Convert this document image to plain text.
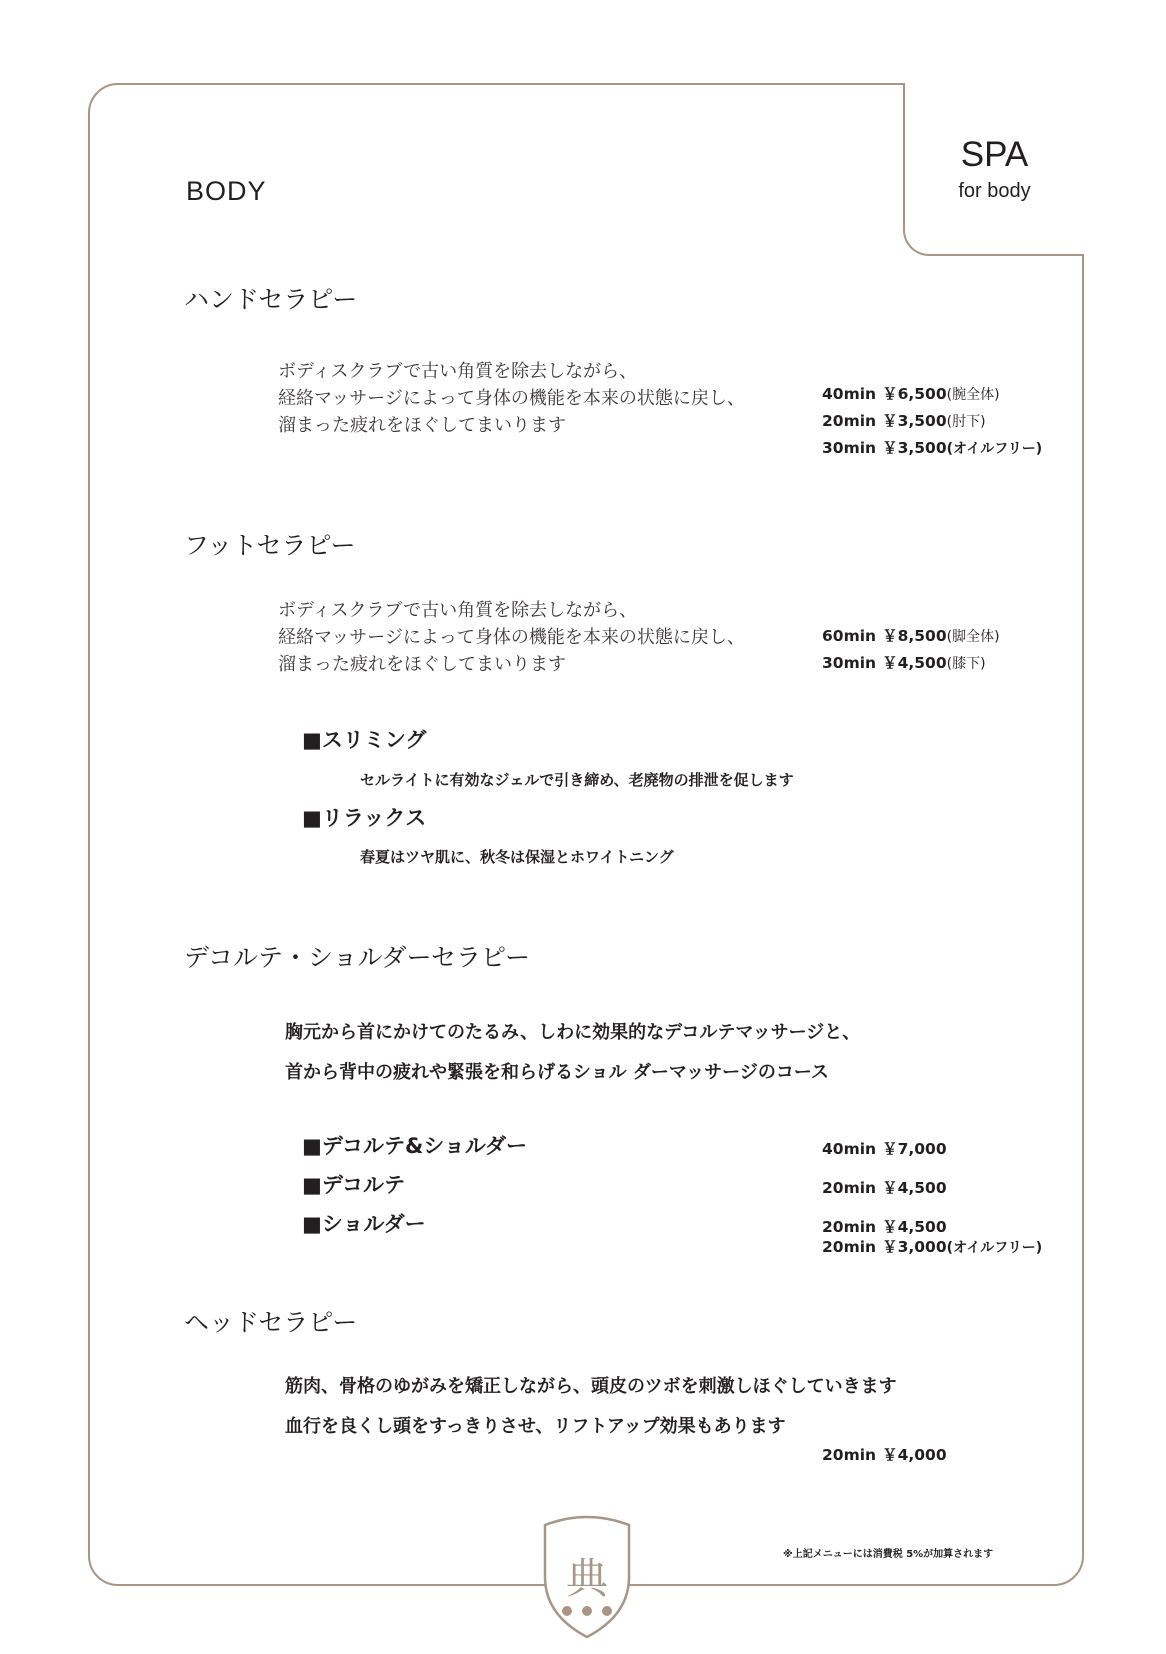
SPA
for body
BODY
ハンドセラピー
ボディスクラブで古い角質を除去しながら、
経絡マッサージによって身体の機能を本来の状態に戻し、
溜まった疲れをほぐしてまいります
40min ￥6,500(腕全体)
20min ￥3,500(肘下)
30min ￥3,500(オイルフリー)
フットセラピー
ボディスクラブで古い角質を除去しながら、
経絡マッサージによって身体の機能を本来の状態に戻し、
溜まった疲れをほぐしてまいります
60min ￥8,500(脚全体)
30min ￥4,500(膝下)
■スリミング
セルライトに有効なジェルで引き締め、老廃物の排泄を促します
■リラックス
春夏はツヤ肌に、秋冬は保湿とホワイトニング
デコルテ・ショルダーセラピー
胸元から首にかけてのたるみ、しわに効果的なデコルテマッサージと、
首から背中の疲れや緊張を和らげるショル ダーマッサージのコース
■デコルテ&ショルダー	40min ￥7,000
■デコルテ	20min ￥4,500
■ショルダー	20min ￥4,500
20min ￥3,000(オイルフリー)
ヘッドセラピー
筋肉、骨格のゆがみを矯正しながら、頭皮のツボを刺激しほぐしていきます
血行を良くし頭をすっきりさせ、リフトアップ効果もあります
20min ￥4,000
典	※上記メニューには消費税 5%が加算されます
